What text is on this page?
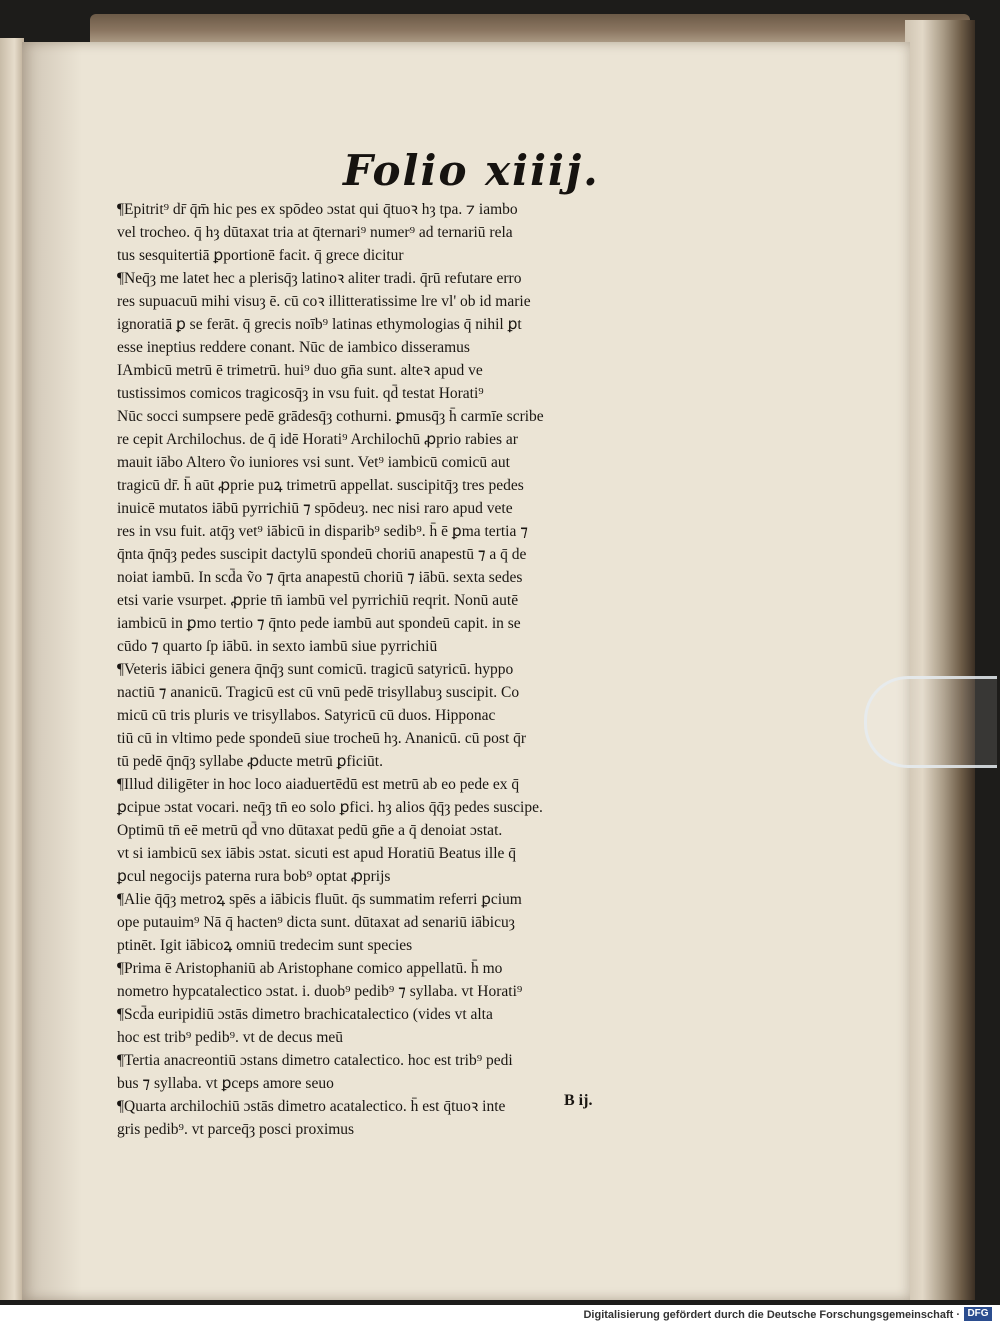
Folio xiiij.
¶Epitrit⁹ dr̄ q̄m̄ hic pes ex spōdeo ɔstat qui q̄tuoꝛ hȝ tpa. ⁊ iambo
vel trocheo. q̄ hȝ dūtaxat tria at q̄ternari⁹ numer⁹ ad ternariū rela
tus sesquitertiā ꝑportionē facit. q̄ grece dicitur
¶Neq̄ȝ me latet hec a plerisq̄ȝ latinoꝛ aliter tradi. q̄rū refutare erro
res supuacuū mihi visuȝ ē. cū coꝛ illitteratissime lre vl' ob id marie
ignoratiā ꝑ se ferāt. q̄ grecis noīb⁹ latinas ethymologias q̄ nihil ꝑt
esse ineptius reddere conant. Nūc de iambico disseramus
IAmbicū metrū ē trimetrū. hui⁹ duo gn̄a sunt. alteꝛ apud ve
tustissimos comicos tragicosq̄ȝ in vsu fuit. qd̄ testat Horati⁹
Nūc socci sumpsere pedē grādesq̄ȝ cothurni. ꝑmusq̄ȝ h̄ carmīe scribe
re cepit Archilochus. de q̄ idē Horati⁹ Archilochū ꝓprio rabies ar
mauit iābo Altero ṽo iuniores vsi sunt. Vet⁹ iambicū comicū aut
tragicū dr̄. h̄ aūt ꝓprie puꝝ trimetrū appellat. suscipitq̄ȝ tres pedes
inuicē mutatos iābū pyrrichiū ⁊ spōdeuȝ. nec nisi raro apud vete
res in vsu fuit. atq̄ȝ vet⁹ iābicū in disparib⁹ sedib⁹. h̄ ē ꝑma tertia ⁊
q̄nta q̄nq̄ȝ pedes suscipit dactylū spondeū choriū anapestū ⁊ a q̄ de
noiat iambū. In scd̄a ṽo ⁊ q̄rta anapestū choriū ⁊ iābū. sexta sedes
etsi varie vsurpet. ꝓprie tn̄ iambū vel pyrrichiū reqrit. Nonū autē
iambicū in ꝑmo tertio ⁊ q̄nto pede iambū aut spondeū capit. in se
cūdo ⁊ quarto ſp iābū. in sexto iambū siue pyrrichiū
¶Veteris iābici genera q̄nq̄ȝ sunt comicū. tragicū satyricū. hyppo
nactiū ⁊ ananicū. Tragicū est cū vnū pedē trisyllabuȝ suscipit. Co
micū cū tris pluris ve trisyllabos. Satyricū cū duos. Hipponac
tiū cū in vltimo pede spondeū siue trocheū hȝ. Ananicū. cū post q̄r
tū pedē q̄nq̄ȝ syllabe ꝓducte metrū ꝑficiūt.
¶Illud diligēter in hoc loco aiaduertēdū est metrū ab eo pede ex q̄
ꝑcipue ɔstat vocari. neq̄ȝ tn̄ eo solo ꝑfici. hȝ alios q̄q̄ȝ pedes suscipe.
Optimū tn̄ eē metrū qd̄ vno dūtaxat pedū gn̄e a q̄ denoiat ɔstat.
vt si iambicū sex iābis ɔstat. sicuti est apud Horatiū Beatus ille q̄
ꝑcul negocijs paterna rura bob⁹ optat ꝓprijs
¶Alie q̄q̄ȝ metroꝝ spēs a iābicis fluūt. q̄s summatim referri ꝑcium
ope putauim⁹ Nā q̄ hacten⁹ dicta sunt. dūtaxat ad senariū iābicuȝ
ptinēt. Igit iābicoꝝ omniū tredecim sunt species
¶Prima ē Aristophaniū ab Aristophane comico appellatū. h̄ mo
nometro hypcatalectico ɔstat. i. duob⁹ pedib⁹ ⁊ syllaba. vt Horati⁹
¶Scd̄a euripidiū ɔstās dimetro brachicatalectico (vides vt alta
hoc est trib⁹ pedib⁹. vt de decus meū
¶Tertia anacreontiū ɔstans dimetro catalectico. hoc est trib⁹ pedi
bus ⁊ syllaba. vt ꝑceps amore seuo
¶Quarta archilochiū ɔstās dimetro acatalectico. h̄ est q̄tuoꝛ inte
gris pedib⁹. vt parceq̄ȝ posci proximus
B ij.
Digitalisierung gefördert durch die Deutsche Forschungsgemeinschaft · DFG
